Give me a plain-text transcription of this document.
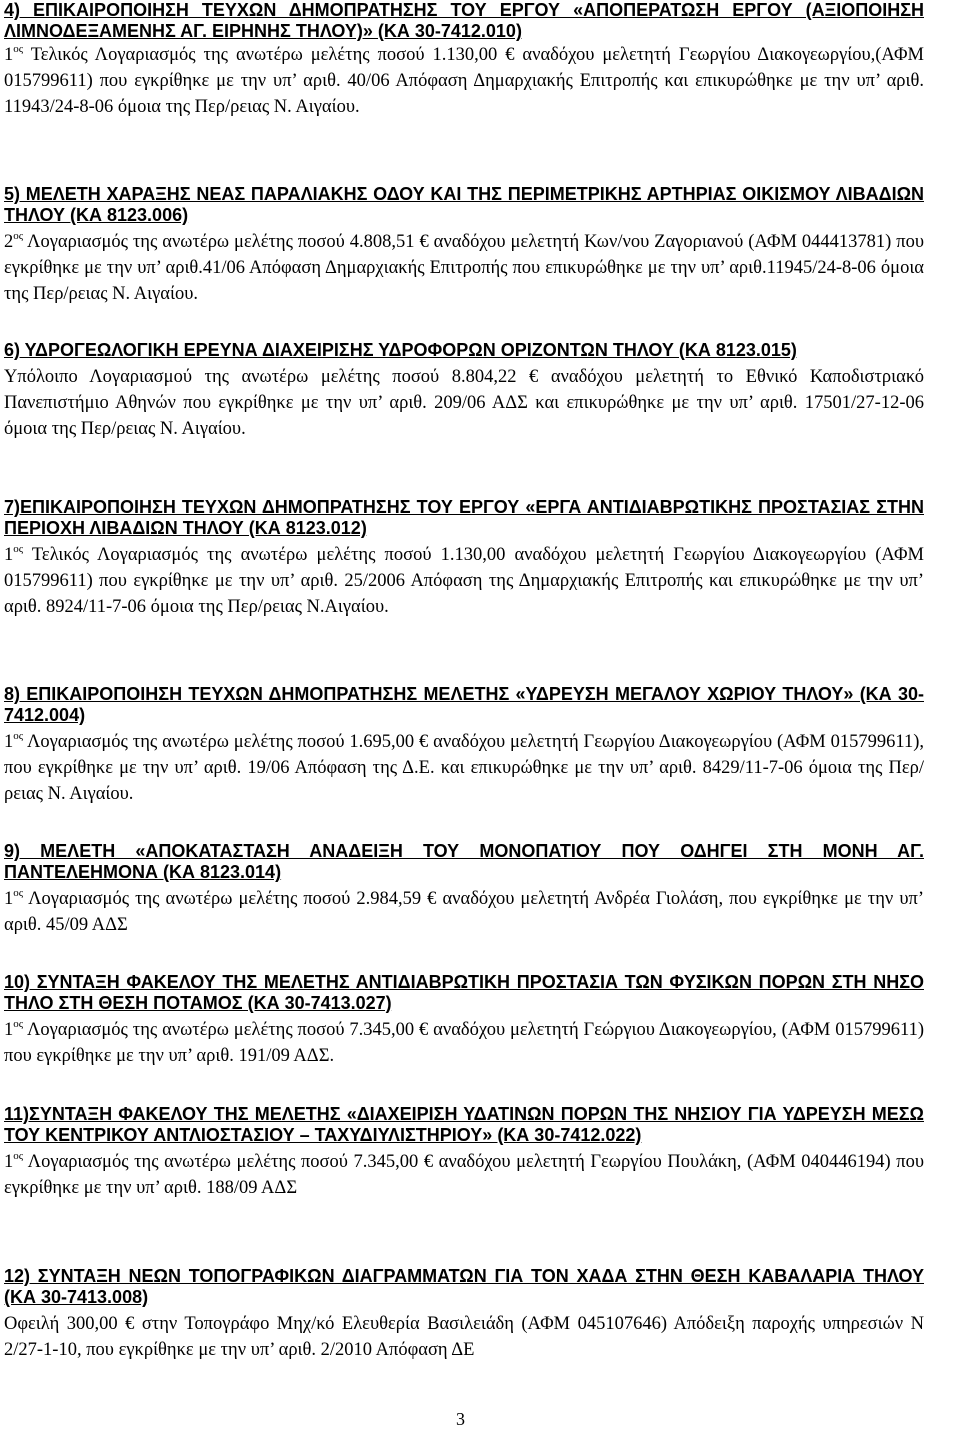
4) ΕΠΙΚΑΙΡΟΠΟΙΗΣΗ ΤΕΥΧΩΝ ΔΗΜΟΠΡΑΤΗΣΗΣ ΤΟΥ ΕΡΓΟΥ «ΑΠΟΠΕΡΑΤΩΣΗ ΕΡΓΟΥ (ΑΞΙΟΠΟΙΗΣΗ ΛΙΜΝΟΔΕΞΑΜΕΝΗΣ ΑΓ. ΕΙΡΗΝΗΣ ΤΗΛΟΥ)» (ΚΑ 30-7412.010)
$1^{o\varsigma}$ Τελικός Λογαριασμός της ανωτέρω μελέτης ποσού 1.130,00 € αναδόχου μελετητή Γεωργίου Διακογεωργίου,(ΑΦΜ 015799611) που εγκρίθηκε με την υπ’ αριθ. 40/06 Απόφαση Δημαρχιακής Επιτροπής και επικυρώθηκε με την υπ’ αριθ. 11943/24-8-06 όμοια της Περ/ρειας Ν. Αιγαίου.
5) ΜΕΛΕΤΗ ΧΑΡΑΞΗΣ ΝΕΑΣ ΠΑΡΑΛΙΑΚΗΣ ΟΔΟΥ ΚΑΙ ΤΗΣ ΠΕΡΙΜΕΤΡΙΚΗΣ ΑΡΤΗΡΙΑΣ ΟΙΚΙΣΜΟΥ ΛΙΒΑΔΙΩΝ ΤΗΛΟΥ (ΚΑ 8123.006)
$2^{o\varsigma}$ Λογαριασμός της ανωτέρω μελέτης ποσού 4.808,51 € αναδόχου μελετητή Κων/νου Ζαγοριανού (ΑΦΜ 044413781) που εγκρίθηκε με την υπ’ αριθ.41/06 Απόφαση Δημαρχιακής Επιτροπής που επικυρώθηκε με την υπ’ αριθ.11945/24-8-06 όμοια της Περ/ρειας Ν. Αιγαίου.
6) ΥΔΡΟΓΕΩΛΟΓΙΚΗ ΕΡΕΥΝΑ ΔΙΑΧΕΙΡΙΣΗΣ ΥΔΡΟΦΟΡΩΝ ΟΡΙΖΟΝΤΩΝ ΤΗΛΟΥ (ΚΑ 8123.015)
Υπόλοιπο Λογαριασμού της ανωτέρω μελέτης ποσού 8.804,22 € αναδόχου μελετητή το Εθνικό Καποδιστριακό Πανεπιστήμιο Αθηνών που εγκρίθηκε με την υπ’ αριθ. 209/06 ΑΔΣ και επικυρώθηκε με την υπ’ αριθ. 17501/27-12-06 όμοια της Περ/ρειας Ν. Αιγαίου.
7)ΕΠΙΚΑΙΡΟΠΟΙΗΣΗ ΤΕΥΧΩΝ ΔΗΜΟΠΡΑΤΗΣΗΣ ΤΟΥ ΕΡΓΟΥ «ΕΡΓΑ ΑΝΤΙΔΙΑΒΡΩΤΙΚΗΣ ΠΡΟΣΤΑΣΙΑΣ ΣΤΗΝ ΠΕΡΙΟΧΗ ΛΙΒΑΔΙΩΝ ΤΗΛΟΥ (ΚΑ 8123.012)
$1^{o\varsigma}$ Τελικός Λογαριασμός της ανωτέρω μελέτης ποσού 1.130,00 αναδόχου μελετητή Γεωργίου Διακογεωργίου (ΑΦΜ 015799611) που εγκρίθηκε με την υπ’ αριθ. 25/2006 Απόφαση της Δημαρχιακής Επιτροπής και επικυρώθηκε με την υπ’ αριθ. 8924/11-7-06 όμοια της Περ/ρειας Ν.Αιγαίου.
8) ΕΠΙΚΑΙΡΟΠΟΙΗΣΗ ΤΕΥΧΩΝ ΔΗΜΟΠΡΑΤΗΣΗΣ ΜΕΛΕΤΗΣ «ΥΔΡΕΥΣΗ ΜΕΓΑΛΟΥ ΧΩΡΙΟΥ ΤΗΛΟΥ» (ΚΑ 30-7412.004)
$1^{o\varsigma}$ Λογαριασμός της ανωτέρω μελέτης ποσού 1.695,00 € αναδόχου μελετητή Γεωργίου Διακογεωργίου (ΑΦΜ 015799611), που εγκρίθηκε με την υπ’ αριθ. 19/06 Απόφαση της Δ.Ε. και επικυρώθηκε με την υπ’ αριθ. 8429/11-7-06 όμοια της Περ/ρειας Ν. Αιγαίου.
9) ΜΕΛΕΤΗ «ΑΠΟΚΑΤΑΣΤΑΣΗ ΑΝΑΔΕΙΞΗ ΤΟΥ ΜΟΝΟΠΑΤΙΟΥ ΠΟΥ ΟΔΗΓΕΙ ΣΤΗ ΜΟΝΗ ΑΓ. ΠΑΝΤΕΛΕΗΜΟΝΑ (ΚΑ 8123.014)
$1^{o\varsigma}$ Λογαριασμός της ανωτέρω μελέτης ποσού 2.984,59 € αναδόχου μελετητή Ανδρέα Γιολάση, που εγκρίθηκε με την υπ’ αριθ. 45/09 ΑΔΣ
10) ΣΥΝΤΑΞΗ ΦΑΚΕΛΟΥ ΤΗΣ ΜΕΛΕΤΗΣ ΑΝΤΙΔΙΑΒΡΩΤΙΚΗ ΠΡΟΣΤΑΣΙΑ ΤΩΝ ΦΥΣΙΚΩΝ ΠΟΡΩΝ ΣΤΗ ΝΗΣΟ ΤΗΛΟ ΣΤΗ ΘΕΣΗ ΠΟΤΑΜΟΣ (ΚΑ 30-7413.027)
$1^{o\varsigma}$ Λογαριασμός της ανωτέρω μελέτης ποσού 7.345,00 € αναδόχου μελετητή Γεώργιου Διακογεωργίου, (ΑΦΜ 015799611) που εγκρίθηκε με την υπ’ αριθ. 191/09 ΑΔΣ.
11)ΣΥΝΤΑΞΗ ΦΑΚΕΛΟΥ ΤΗΣ ΜΕΛΕΤΗΣ «ΔΙΑΧΕΙΡΙΣΗ ΥΔΑΤΙΝΩΝ ΠΟΡΩΝ ΤΗΣ ΝΗΣΙΟΥ ΓΙΑ ΥΔΡΕΥΣΗ ΜΕΣΩ ΤΟΥ ΚΕΝΤΡΙΚΟΥ ΑΝΤΛΙΟΣΤΑΣΙΟΥ – ΤΑΧΥΔΙΥΛΙΣΤΗΡΙΟΥ» (ΚΑ 30-7412.022)
$1^{o\varsigma}$ Λογαριασμός της ανωτέρω μελέτης ποσού 7.345,00 € αναδόχου μελετητή Γεωργίου Πουλάκη, (ΑΦΜ 040446194) που εγκρίθηκε με την υπ’ αριθ. 188/09 ΑΔΣ
12) ΣΥΝΤΑΞΗ ΝΕΩΝ ΤΟΠΟΓΡΑΦΙΚΩΝ ΔΙΑΓΡΑΜΜΑΤΩΝ ΓΙΑ ΤΟΝ ΧΑΔΑ ΣΤΗΝ ΘΕΣΗ ΚΑΒΑΛΑΡΙΑ ΤΗΛΟΥ (ΚΑ 30-7413.008)
Οφειλή 300,00 € στην Τοπογράφο Μηχ/κό Ελευθερία Βασιλειάδη (ΑΦΜ 045107646) Απόδειξη παροχής υπηρεσιών Ν 2/27-1-10, που εγκρίθηκε με την υπ’ αριθ. 2/2010 Απόφαση ΔΕ
3
